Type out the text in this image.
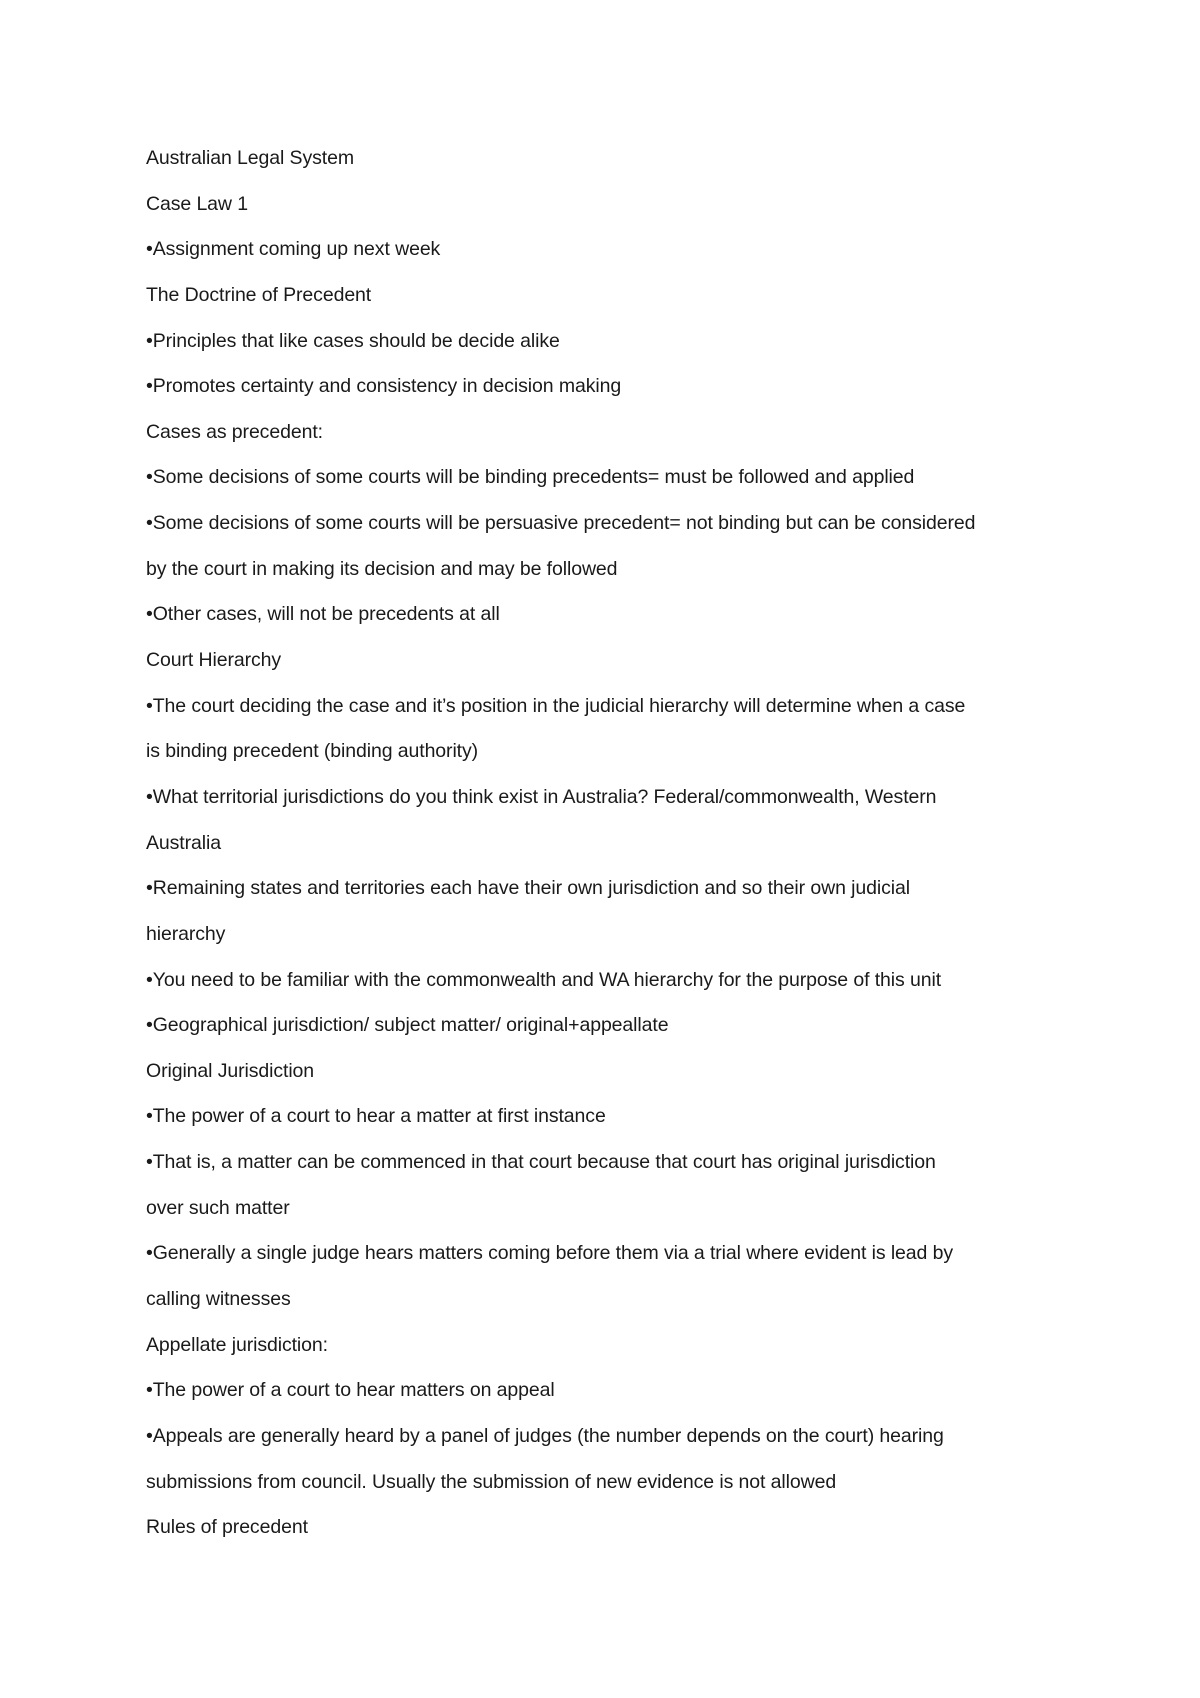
Australian Legal System
Case Law 1
•Assignment coming up next week
The Doctrine of Precedent
•Principles that like cases should be decide alike
•Promotes certainty and consistency in decision making
Cases as precedent:
•Some decisions of some courts will be binding precedents= must be followed and applied
•Some decisions of some courts will be persuasive precedent= not binding but can be considered
by the court in making its decision and may be followed
•Other cases, will not be precedents at all
Court Hierarchy
•The court deciding the case and it’s position in the judicial hierarchy will determine when a case
is binding precedent (binding authority)
•What territorial jurisdictions do you think exist in Australia? Federal/commonwealth, Western
Australia
•Remaining states and territories each have their own jurisdiction and so their own judicial
hierarchy
•You need to be familiar with the commonwealth and WA hierarchy for the purpose of this unit
•Geographical jurisdiction/ subject matter/ original+appeallate
Original Jurisdiction
•The power of a court to hear a matter at first instance
•That is, a matter can be commenced in that court because that court has original jurisdiction
over such matter
•Generally a single judge hears matters coming before them via a trial where evident is lead by
calling witnesses
Appellate jurisdiction:
•The power of a court to hear matters on appeal
•Appeals are generally heard by a panel of judges (the number depends on the court) hearing
submissions from council. Usually the submission of new evidence is not allowed
Rules of precedent
